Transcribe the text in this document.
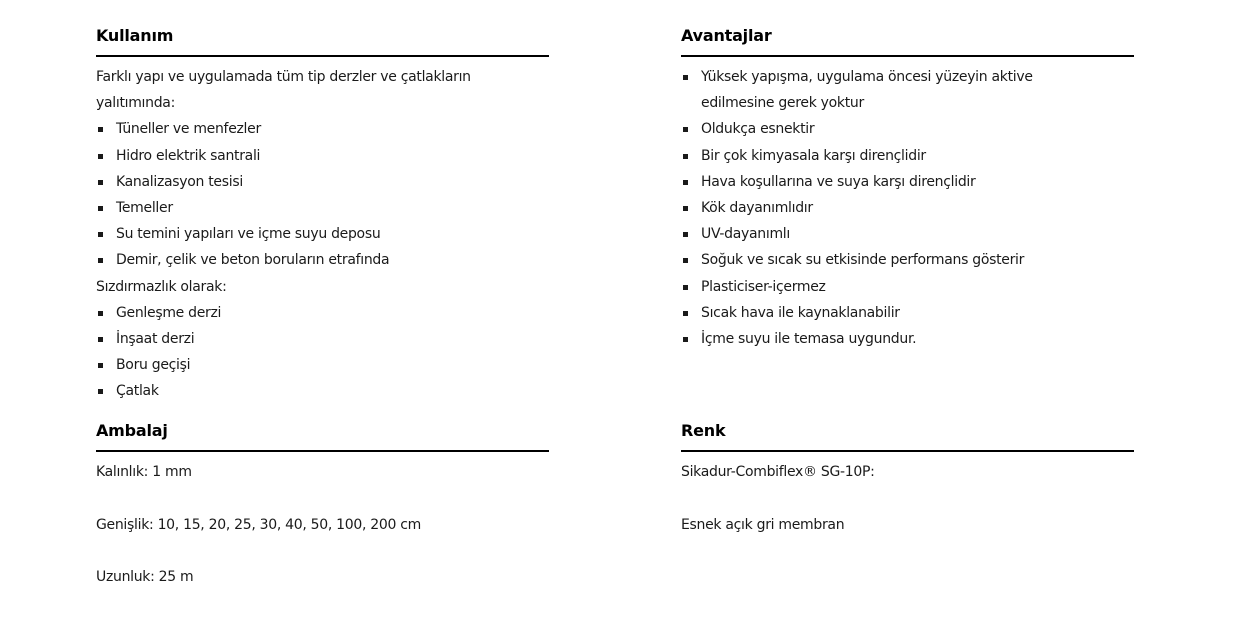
Kullanım
Farklı yapı ve uygulamada tüm tip derzler ve çatlakların yalıtımında:
Tüneller ve menfezler
Hidro elektrik santrali
Kanalizasyon tesisi
Temeller
Su temini yapıları ve içme suyu deposu
Demir, çelik ve beton boruların etrafında
Sızdırmazlık olarak:
Genleşme derzi
İnşaat derzi
Boru geçişi
Çatlak
Avantajlar
Yüksek yapışma, uygulama öncesi yüzeyin aktive edilmesine gerek yoktur
Oldukça esnektir
Bir çok kimyasala karşı dirençlidir
Hava koşullarına ve suya karşı dirençlidir
Kök dayanımlıdır
UV-dayanımlı
Soğuk ve sıcak su etkisinde performans gösterir
Plasticiser-içermez
Sıcak hava ile kaynaklanabilir
İçme suyu ile temasa uygundur.
Ambalaj
Kalınlık: 1 mm
Genişlik: 10, 15, 20, 25, 30, 40, 50, 100, 200 cm
Uzunluk: 25 m
Renk
Sikadur-Combiflex® SG-10P:
Esnek açık gri membran
